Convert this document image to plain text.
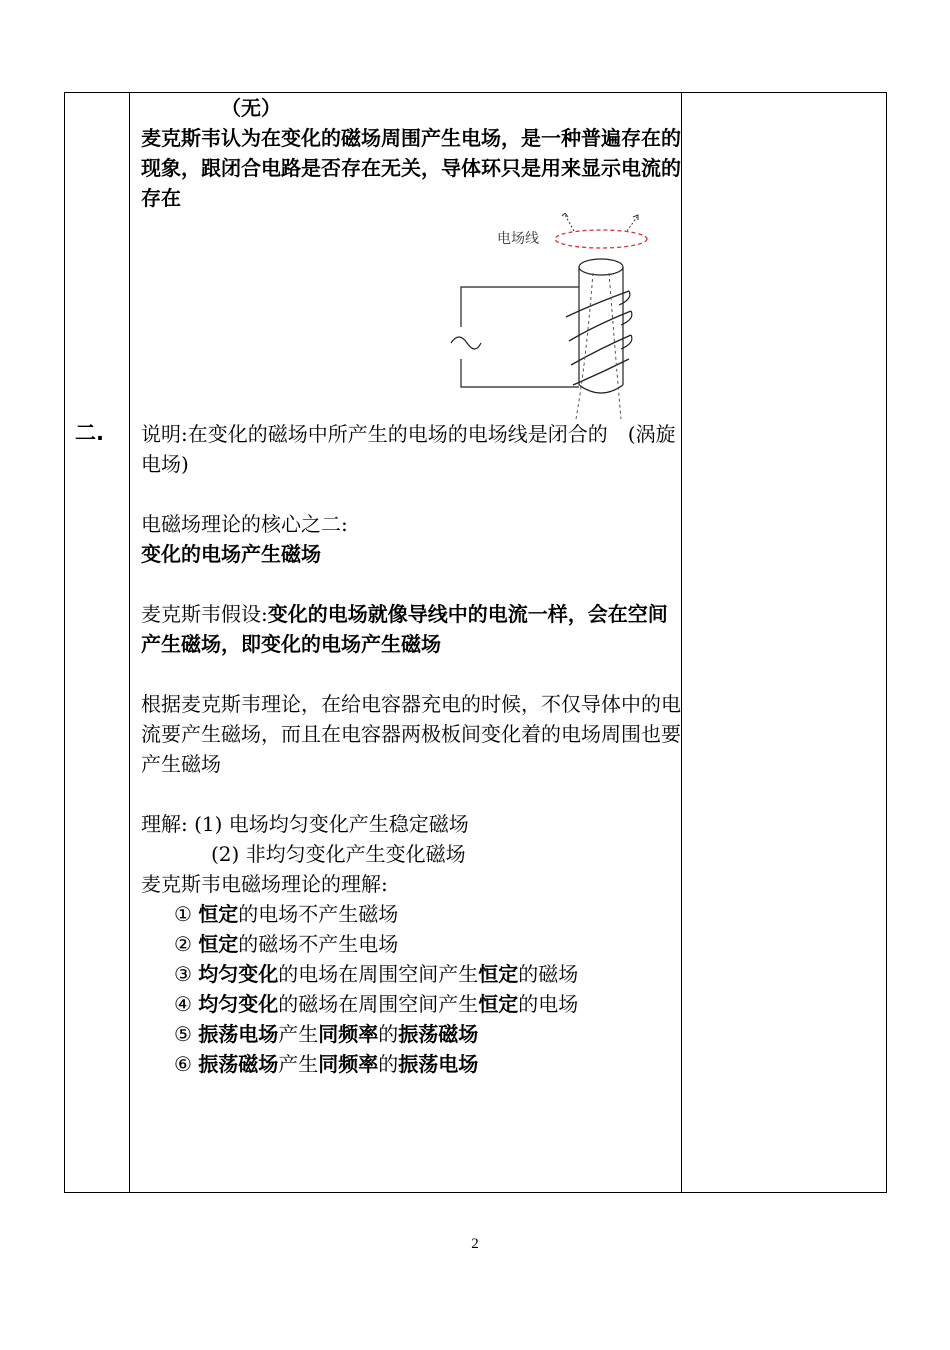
二.
（无）
麦克斯韦认为在变化的磁场周围产生电场，是一种普遍存在的现象，跟闭合电路是否存在无关，导体环只是用来显示电流的存在
电场线
说明:在变化的磁场中所产生的电场的电场线是闭合的　(涡旋电场)
电磁场理论的核心之二:
变化的电场产生磁场
麦克斯韦假设:变化的电场就像导线中的电流一样，会在空间产生磁场，即变化的电场产生磁场
根据麦克斯韦理论，在给电容器充电的时候，不仅导体中的电流要产生磁场，而且在电容器两极板间变化着的电场周围也要产生磁场
理解: (1) 电场均匀变化产生稳定磁场
(2) 非均匀变化产生变化磁场
麦克斯韦电磁场理论的理解:
① 恒定的电场不产生磁场
② 恒定的磁场不产生电场
③ 均匀变化的电场在周围空间产生恒定的磁场
④ 均匀变化的磁场在周围空间产生恒定的电场
⑤ 振荡电场产生同频率的振荡磁场
⑥ 振荡磁场产生同频率的振荡电场
2
